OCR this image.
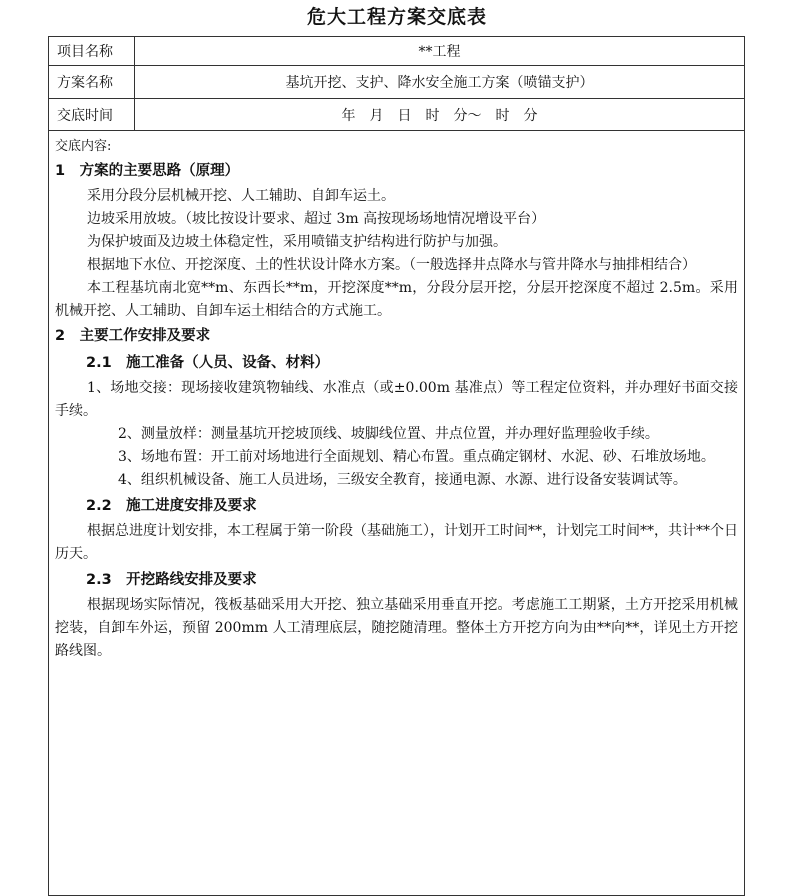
危大工程方案交底表
项目名称	**工程
方案名称	基坑开挖、支护、降水安全施工方案（喷锚支护）
交底时间	年　月　日　时　分～　时　分

交底内容:

1　方案的主要思路（原理）

采用分段分层机械开挖、人工辅助、自卸车运土。

边坡采用放坡。（坡比按设计要求、超过 3m 高按现场场地情况增设平台）

为保护坡面及边坡土体稳定性，采用喷锚支护结构进行防护与加强。

根据地下水位、开挖深度、土的性状设计降水方案。（一般选择井点降水与管井降水与抽排相结合）

本工程基坑南北宽**m、东西长**m，开挖深度**m，分段分层开挖，分层开挖深度不超过 2.5m。采用机械开挖、人工辅助、自卸车运土相结合的方式施工。

2　主要工作安排及要求
2.1　施工准备（人员、设备、材料）

1、场地交接：现场接收建筑物轴线、水准点（或±0.00m 基准点）等工程定位资料，并办理好书面交接手续。

2、测量放样：测量基坑开挖坡顶线、坡脚线位置、井点位置，并办理好监理验收手续。

3、场地布置：开工前对场地进行全面规划、精心布置。重点确定钢材、水泥、砂、石堆放场地。

4、组织机械设备、施工人员进场，三级安全教育，接通电源、水源、进行设备安装调试等。

2.2　施工进度安排及要求

根据总进度计划安排，本工程属于第一阶段（基础施工），计划开工时间**，计划完工时间**，共计**个日历天。

2.3　开挖路线安排及要求

根据现场实际情况，筏板基础采用大开挖、独立基础采用垂直开挖。考虑施工工期紧，土方开挖采用机械挖装，自卸车外运，预留 200mm 人工清理底层，随挖随清理。整体土方开挖方向为由**向**，详见土方开挖路线图。
